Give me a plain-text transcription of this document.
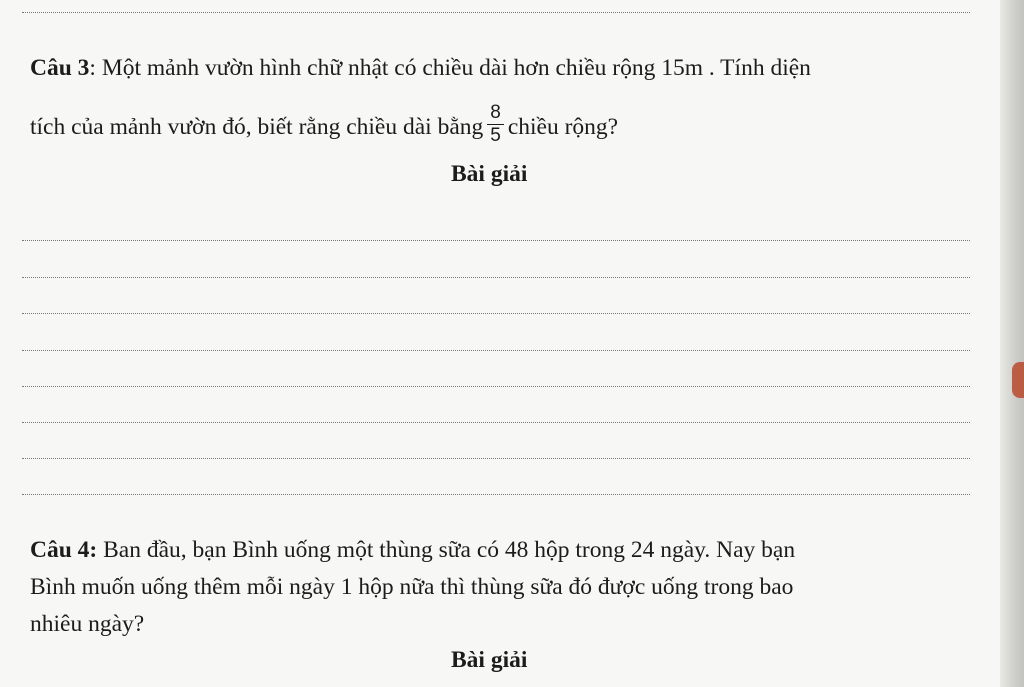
Câu 3: Một mảnh vườn hình chữ nhật có chiều dài hơn chiều rộng 15m . Tính diện
tích của mảnh vườn đó, biết rằng chiều dài bằng $\frac{8}{5}$ chiều rộng?
Bài giải
Câu 4: Ban đầu, bạn Bình uống một thùng sữa có 48 hộp trong 24 ngày. Nay bạn
Bình muốn uống thêm mỗi ngày 1 hộp nữa thì thùng sữa đó được uống trong bao
nhiêu ngày?
Bài giải
